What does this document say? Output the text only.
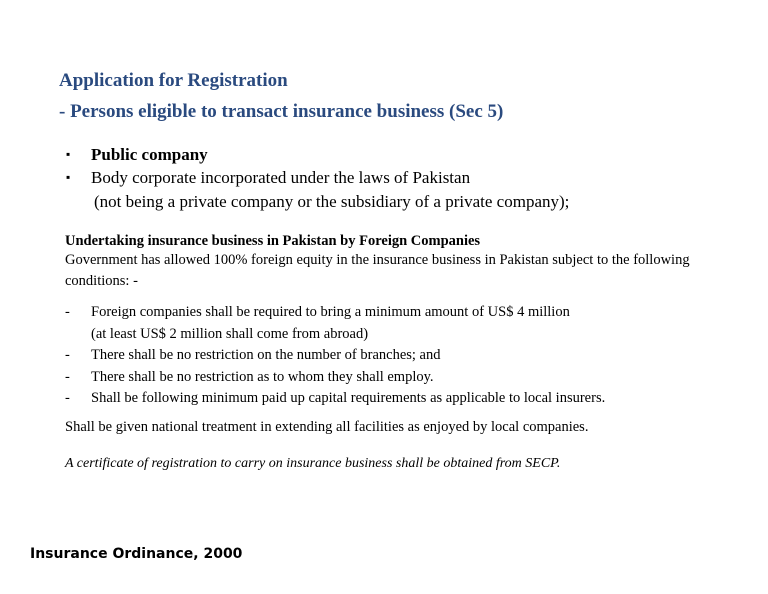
Application for Registration
- Persons eligible to transact insurance business (Sec 5)
▪ Public company
▪ Body corporate incorporated under the laws of Pakistan
(not being a private company or the subsidiary of a private company);
Undertaking insurance business in Pakistan by Foreign Companies
Government has allowed 100% foreign equity in the insurance business in Pakistan subject to the following conditions: -
- Foreign companies shall be required to bring a minimum amount of US$ 4 million
(at least US$ 2 million shall come from abroad)
- There shall be no restriction on the number of branches; and
- There shall be no restriction as to whom they shall employ.
- Shall be following minimum paid up capital requirements as applicable to local insurers.
Shall be given national treatment in extending all facilities as enjoyed by local companies.
A certificate of registration to carry on insurance business shall be obtained from SECP.
Insurance Ordinance, 2000
